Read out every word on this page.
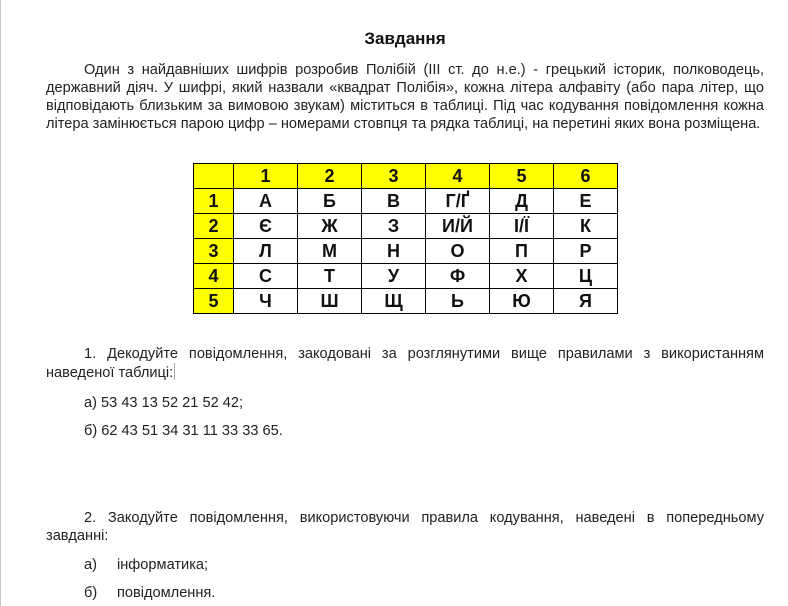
Завдання

Один з найдавніших шифрів розробив Полібій (ІІІ ст. до н.е.) - грецький історик, полководець, державний діяч. У шифрі, який назвали «квадрат Полібія», кожна літера алфавіту (або пара літер, що відповідають близьким за вимовою звукам) міститься в таблиці. Під час кодування повідомлення кожна літера замінюється парою цифр – номерами стовпця та рядка таблиці, на перетині яких вона розміщена.

	1	2	3	4	5	6
1	А	Б	В	Г/Ґ	Д	Е
2	Є	Ж	З	И/Й	І/Ї	К
3	Л	М	Н	О	П	Р
4	С	Т	У	Ф	Х	Ц
5	Ч	Ш	Щ	Ь	Ю	Я

1. Декодуйте повідомлення, закодовані за розглянутими вище правилами з використанням наведеної таблиці:

а) 53 43 13 52 21 52 42;
б) 62 43 51 34 31 11 33 33 65.

2. Закодуйте повідомлення, використовуючи правила кодування, наведені в попередньому завданні:

а) інформатика;
б) повідомлення.
